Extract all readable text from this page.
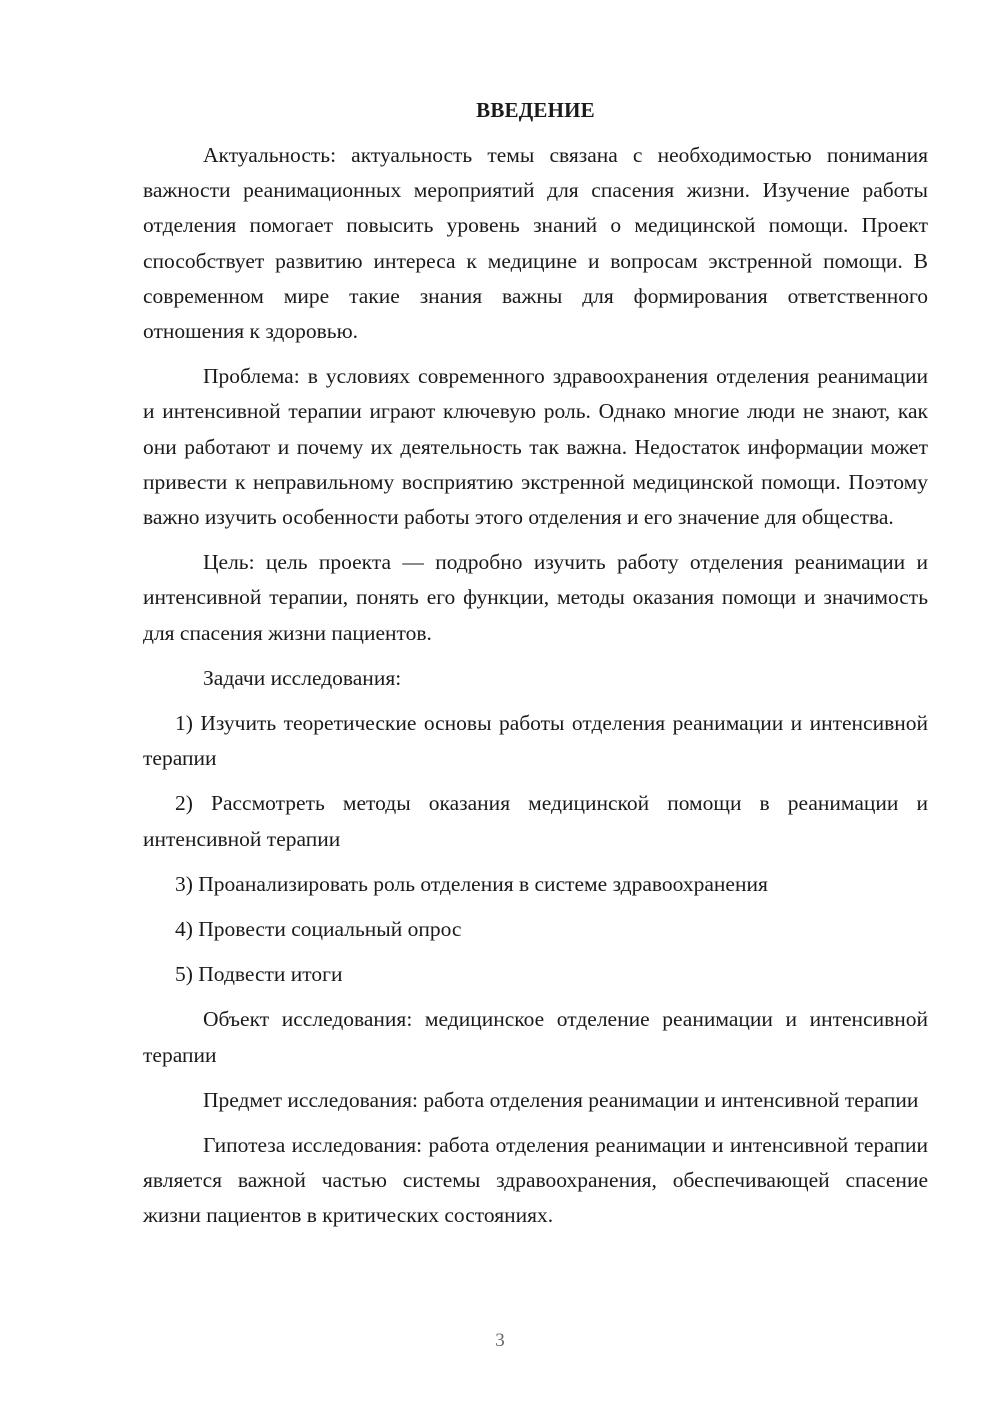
ВВЕДЕНИЕ

Актуальность: актуальность темы связана с необходимостью понимания важности реанимационных мероприятий для спасения жизни. Изучение работы отделения помогает повысить уровень знаний о медицинской помощи. Проект способствует развитию интереса к медицине и вопросам экстренной помощи. В современном мире такие знания важны для формирования ответственного отношения к здоровью.

Проблема: в условиях современного здравоохранения отделения реанимации и интенсивной терапии играют ключевую роль. Однако многие люди не знают, как они работают и почему их деятельность так важна. Недостаток информации может привести к неправильному восприятию экстренной медицинской помощи. Поэтому важно изучить особенности работы этого отделения и его значение для общества.

Цель: цель проекта — подробно изучить работу отделения реанимации и интенсивной терапии, понять его функции, методы оказания помощи и значимость для спасения жизни пациентов.

Задачи исследования:

1) Изучить теоретические основы работы отделения реанимации и интенсивной терапии

2) Рассмотреть методы оказания медицинской помощи в реанимации и интенсивной терапии

3) Проанализировать роль отделения в системе здравоохранения

4) Провести социальный опрос

5) Подвести итоги

Объект исследования: медицинское отделение реанимации и интенсивной терапии

Предмет исследования: работа отделения реанимации и интенсивной терапии

Гипотеза исследования: работа отделения реанимации и интенсивной терапии является важной частью системы здравоохранения, обеспечивающей спасение жизни пациентов в критических состояниях.

3
